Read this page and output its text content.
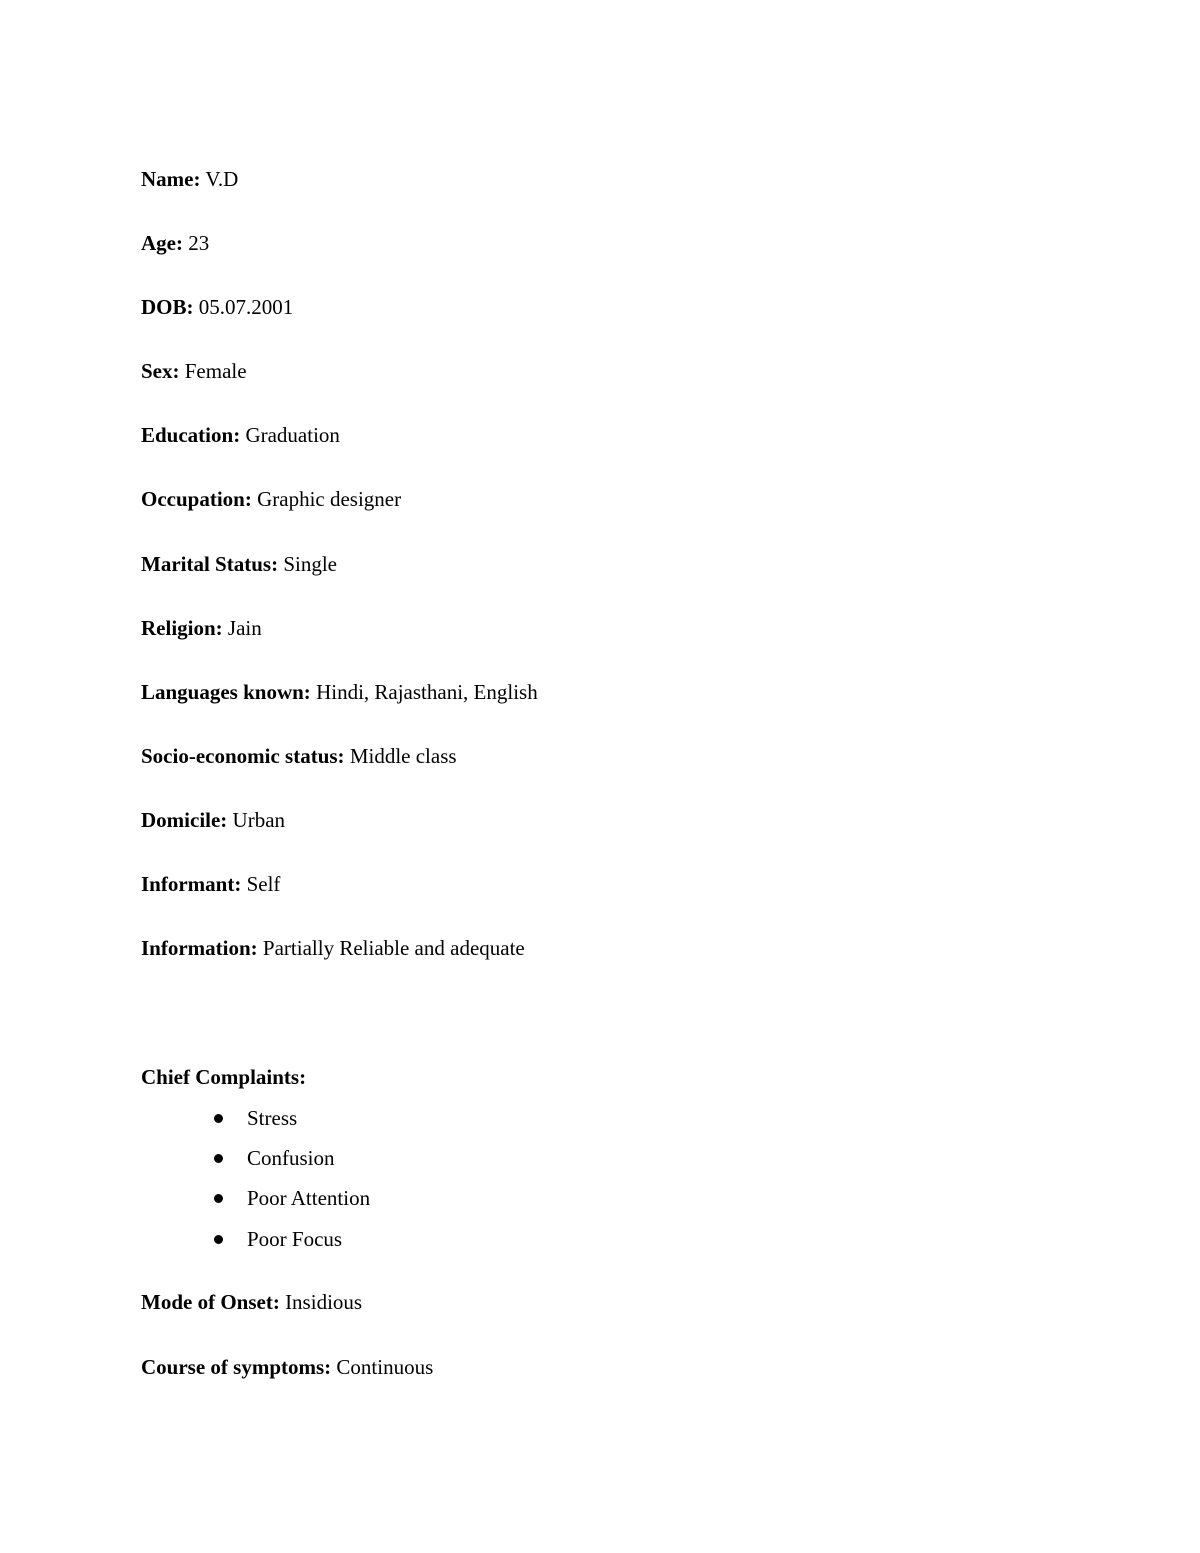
Name: V.D
Age: 23
DOB: 05.07.2001
Sex: Female
Education: Graduation
Occupation: Graphic designer
Marital Status: Single
Religion: Jain
Languages known: Hindi, Rajasthani, English
Socio-economic status: Middle class
Domicile: Urban
Informant: Self
Information: Partially Reliable and adequate
Chief Complaints:
Stress
Confusion
Poor Attention
Poor Focus
Mode of Onset: Insidious
Course of symptoms: Continuous
